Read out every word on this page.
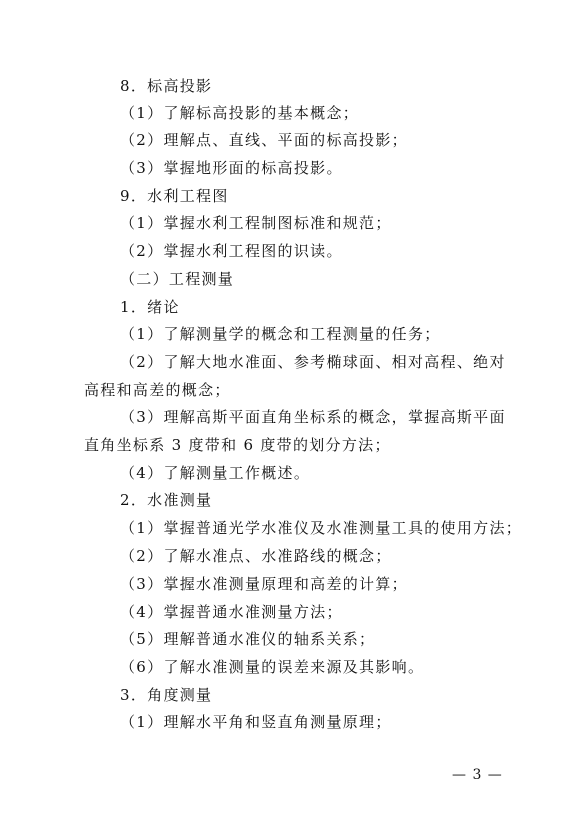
8．标高投影
（1）了解标高投影的基本概念；
（2）理解点、直线、平面的标高投影；
（3）掌握地形面的标高投影。
9．水利工程图
（1）掌握水利工程制图标准和规范；
（2）掌握水利工程图的识读。
（二）工程测量
1．绪论
（1）了解测量学的概念和工程测量的任务；
（2）了解大地水准面、参考椭球面、相对高程、绝对
高程和高差的概念；
（3）理解高斯平面直角坐标系的概念，掌握高斯平面
直角坐标系 3 度带和 6 度带的划分方法；
（4）了解测量工作概述。
2．水准测量
（1）掌握普通光学水准仪及水准测量工具的使用方法；
（2）了解水准点、水准路线的概念；
（3）掌握水准测量原理和高差的计算；
（4）掌握普通水准测量方法；
（5）理解普通水准仪的轴系关系；
（6）了解水准测量的误差来源及其影响。
3．角度测量
（1）理解水平角和竖直角测量原理；
— 3 —
